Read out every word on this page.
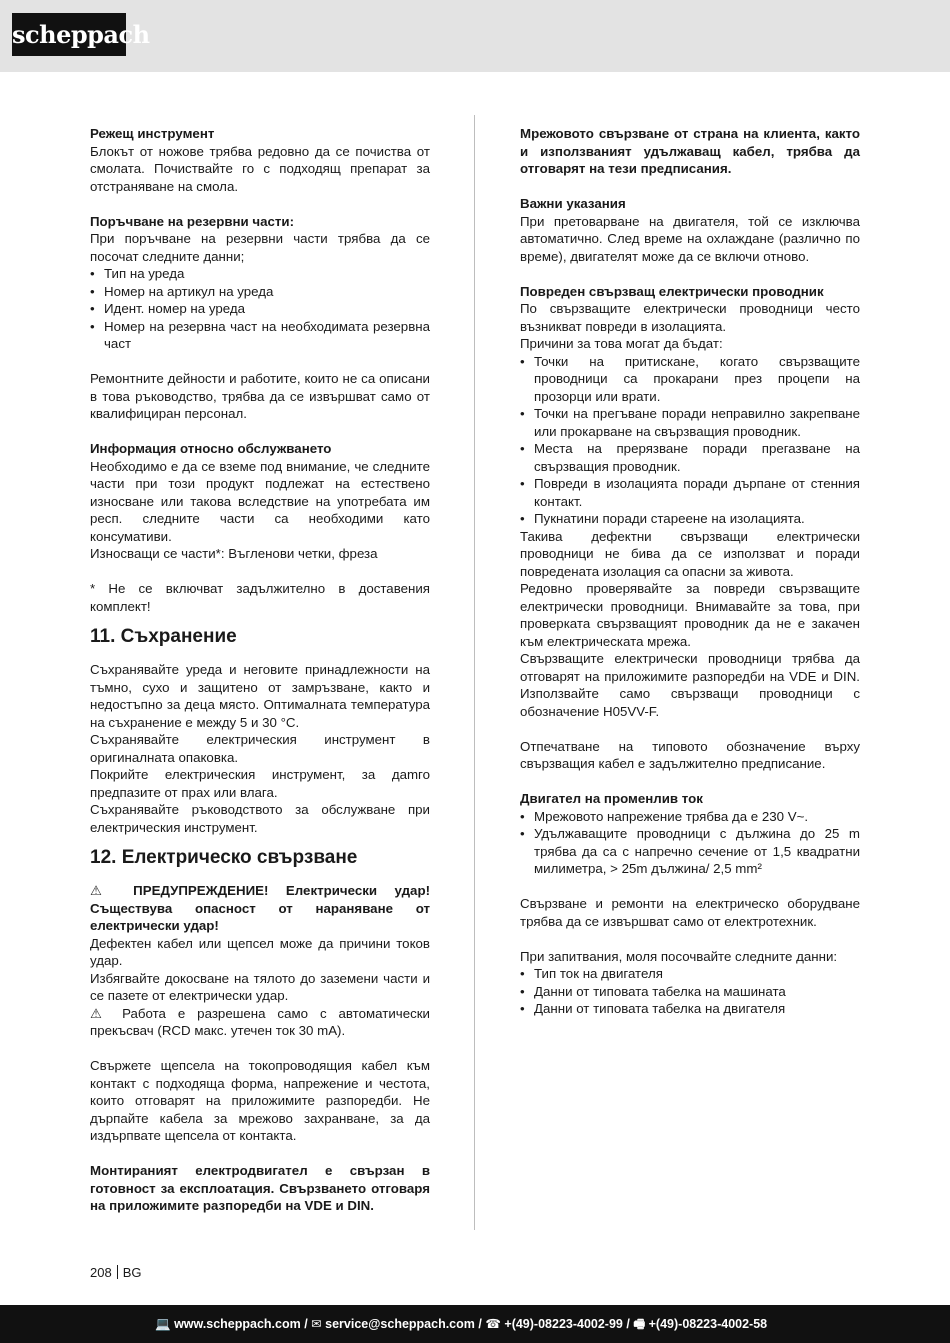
scheppach

Режещ инструмент

Блокът от ножове трябва редовно да се почиства от смолата. Почиствайте го с подходящ препарат за отстраняване на смола.

Поръчване на резервни части:

При поръчване на резервни части трябва да се посочат следните данни;

• Тип на уреда
• Номер на артикул на уреда
• Идент. номер на уреда
• Номер на резервна част на необходимата резервна част

Ремонтните дейности и работите, които не са описани в това ръководство, трябва да се извършват само от квалифициран персонал.

Информация относно обслужването

Необходимо е да се вземе под внимание, че следните части при този продукт подлежат на естествено износване или такова вследствие на употребата им респ. следните части са необходими като консумативи.

Износващи се части*: Въгленови четки, фреза

* Не се включват задължително в доставения комплект!

11. Съхранение

Съхранявайте уреда и неговите принадлежности на тъмно, сухо и защитено от замръзване, както и недостъпно за деца място. Оптималната температура на съхранение е между 5 и 30 °C.

Съхранявайте електрическия инструмент в оригиналната опаковка.

Покрийте електрическия инструмент, за дamго предпазите от прах или влага.

Съхранявайте ръководството за обслужване при електрическия инструмент.

12. Електрическо свързване

⚠ ПРЕДУПРЕЖДЕНИЕ! Електрически удар! Съществува опасност от нараняване от електрически удар!

Дефектен кабел или щепсел може да причини токов удар.

Избягвайте докосване на тялото до заземени части и се пазете от електрически удар.

⚠ Работа е разрешена само с автоматически прекъсвач (RCD макс. утечен ток 30 mA).

Свържете щепсела на токопроводящия кабел към контакт с подходяща форма, напрежение и честота, които отговарят на приложимите разпоредби. Не дърпайте кабела за мрежово захранване, за да издърпвате щепсела от контакта.

Монтираният електродвигател е свързан в готовност за експлоатация. Свързването отговаря на приложимите разпоредби на VDE и DIN.

Мрежовото свързване от страна на клиента, както и използваният удължаващ кабел, трябва да отговарят на тези предписания.

Важни указания

При претоварване на двигателя, той се изключва автоматично. След време на охлаждане (различно по време), двигателят може да се включи отново.

Повреден свързващ електрически проводник

По свързващите електрически проводници често възникват повреди в изолацията.

Причини за това могат да бъдат:

• Точки на притискане, когато свързващите проводници са прокарани през процепи на прозорци или врати.
• Точки на прегъване поради неправилно закрепване или прокарване на свързващия проводник.
• Места на прерязване поради прегазване на свързващия проводник.
• Повреди в изолацията поради дърпане от стенния контакт.
• Пукнатини поради стареене на изолацията.

Такива дефектни свързващи електрически проводници не бива да се използват и поради повредената изолация са опасни за живота.

Редовно проверявайте за повреди свързващите електрически проводници. Внимавайте за това, при проверката свързващият проводник да не е закачен към електрическата мрежа.

Свързващите електрически проводници трябва да отговарят на приложимите разпоредби на VDE и DIN. Използвайте само свързващи проводници с обозначение H05VV-F.

Отпечатване на типовото обозначение върху свързващия кабел е задължително предписание.

Двигател на променлив ток

• Мрежовото напрежение трябва да е 230 V~.
• Удължаващите проводници с дължина до 25 m трябва да са с напречно сечение от 1,5 квадратни милиметра, > 25m дължина/ 2,5 mm²

Свързване и ремонти на електрическо оборудване трябва да се извършват само от електротехник.

При запитвания, моля посочвайте следните данни:

• Тип ток на двигателя
• Данни от типовата табелка на машината
• Данни от типовата табелка на двигателя
208 BG
💻 www.scheppach.com / ✉ service@scheppach.com / ☎ +(49)-08223-4002-99 / 🖷 +(49)-08223-4002-58
